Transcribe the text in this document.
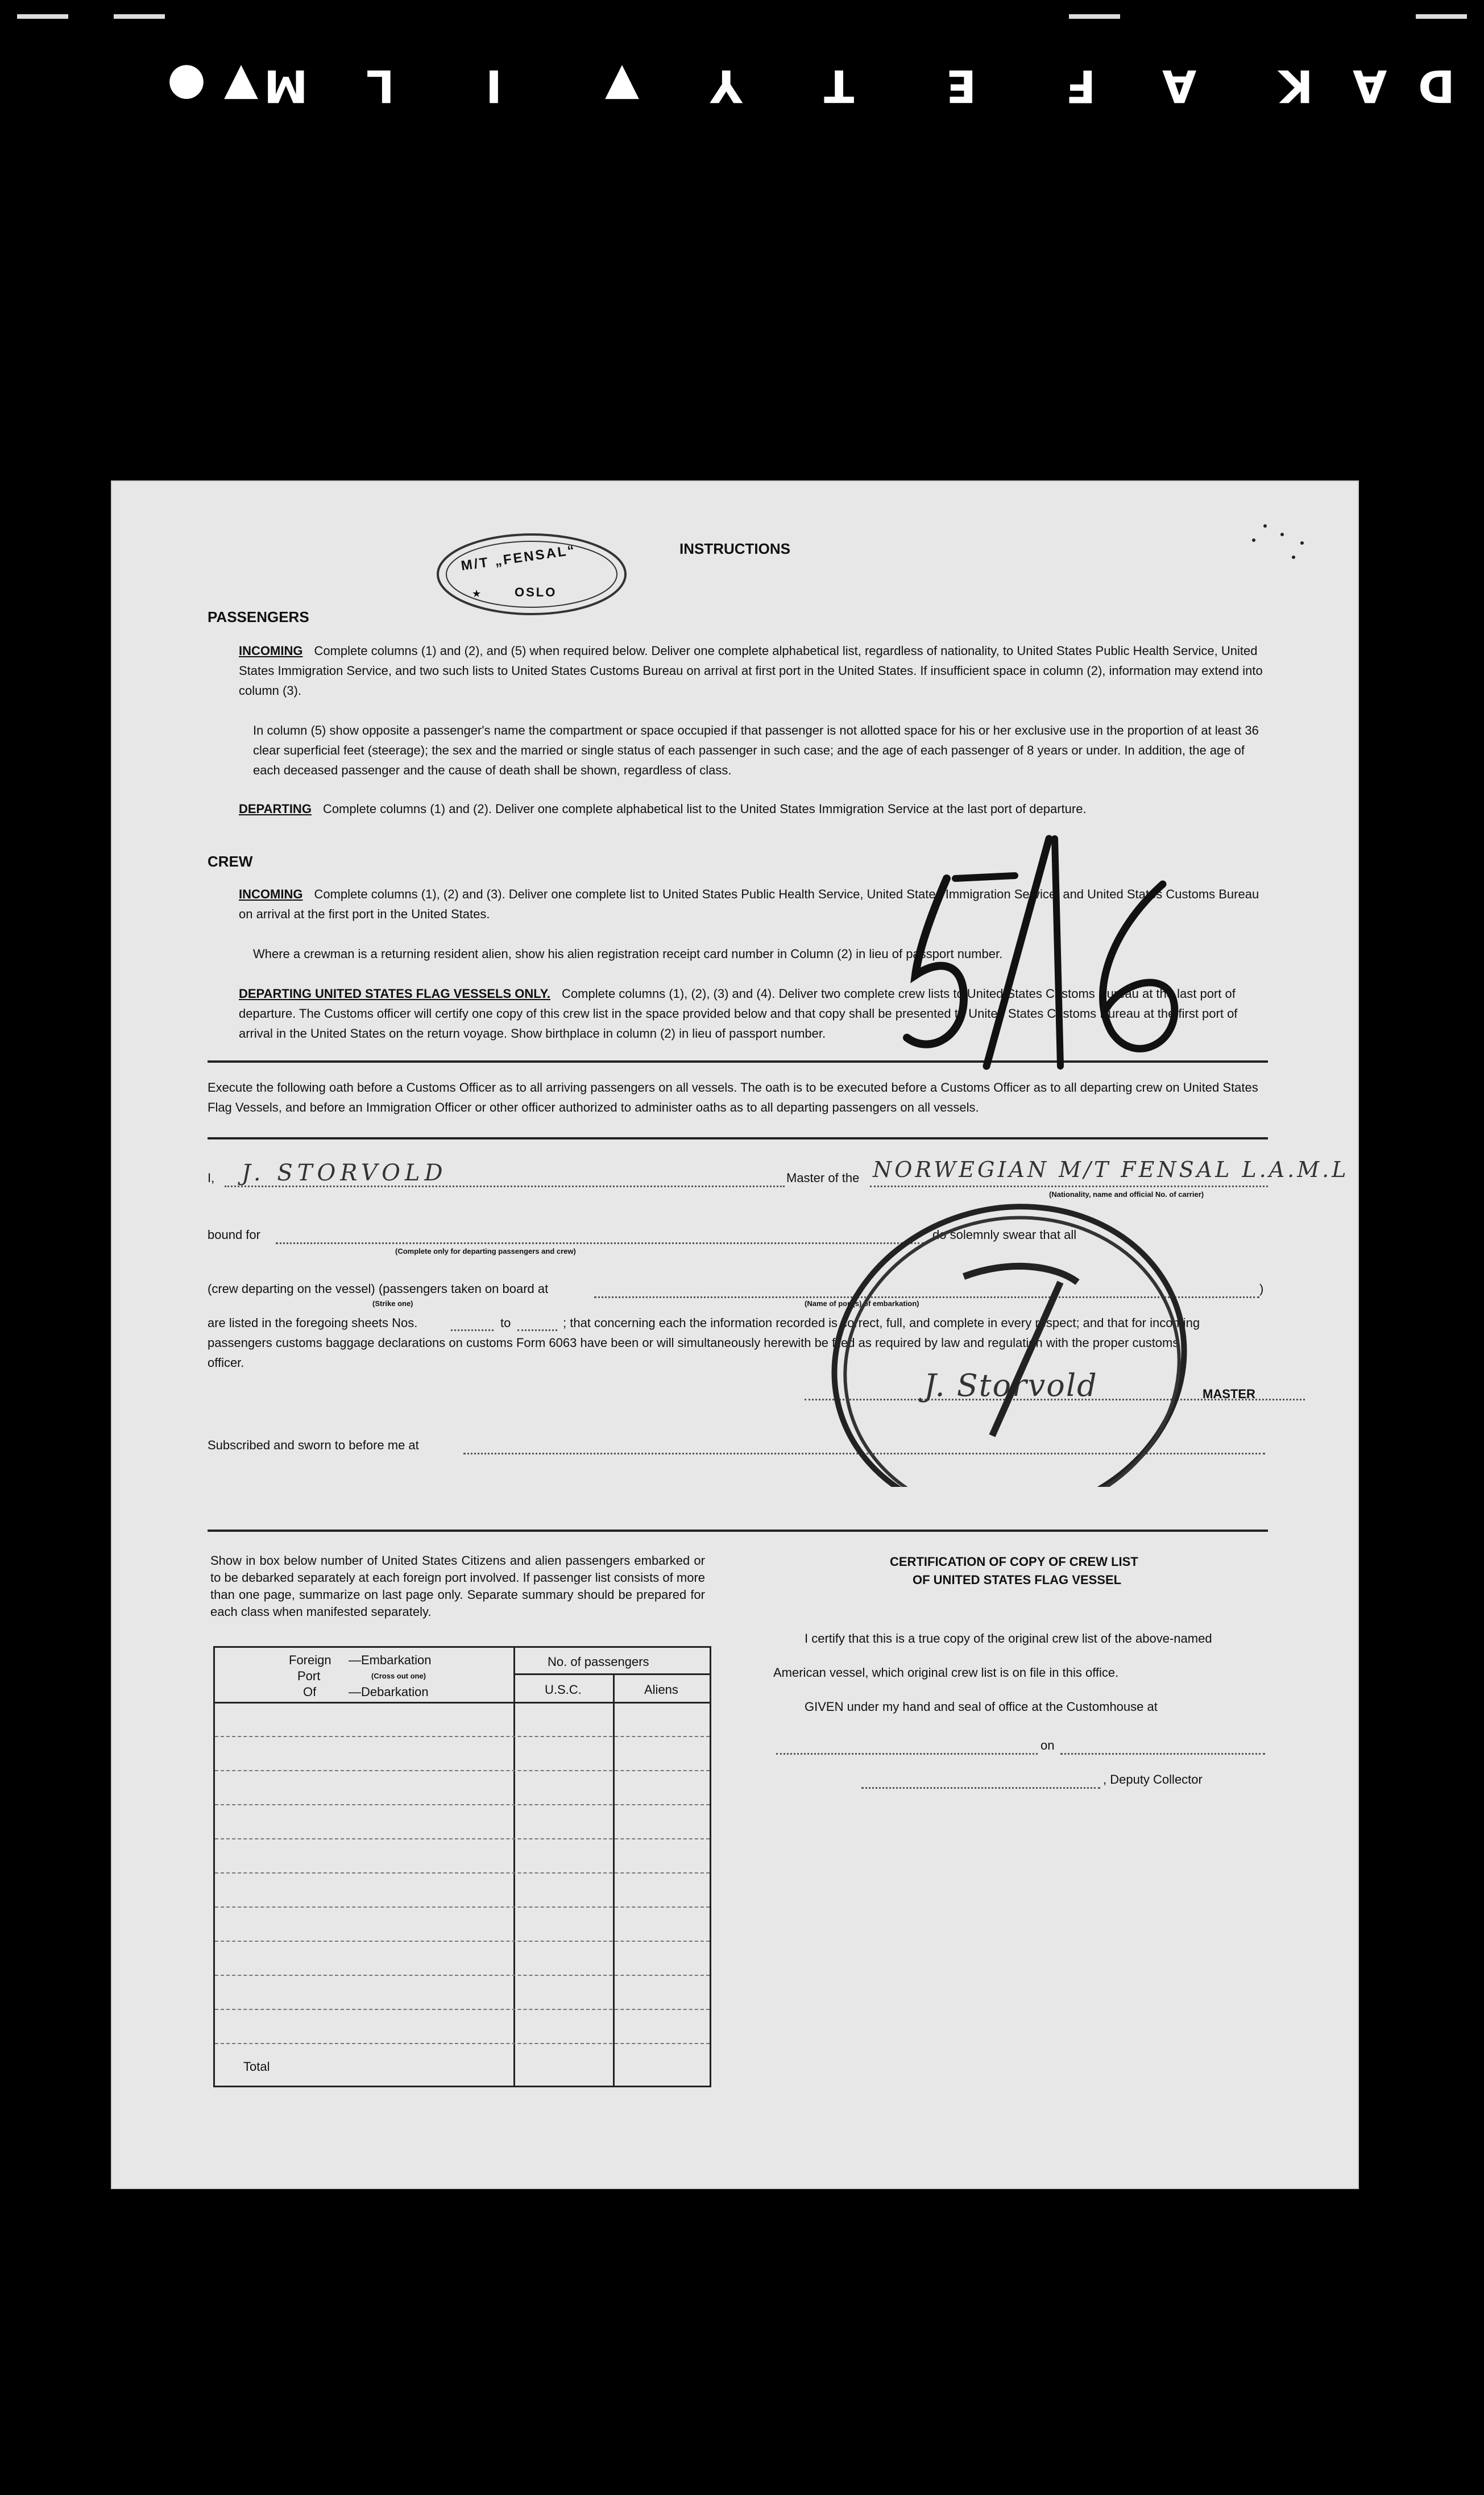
● ▼ M L I ▼ Y T E F A K A D
M/T „FENSAL“
OSLO
★
INSTRUCTIONS
PASSENGERS
INCOMING Complete columns (1) and (2), and (5) when required below. Deliver one complete alphabetical list, regardless of nationality, to United States Public Health Service, United States Immigration Service, and two such lists to United States Customs Bureau on arrival at first port in the United States. If insufficient space in column (2), information may extend into column (3).
In column (5) show opposite a passenger's name the compartment or space occupied if that passenger is not allotted space for his or her exclusive use in the proportion of at least 36 clear superficial feet (steerage); the sex and the married or single status of each passenger in such case; and the age of each passenger of 8 years or under. In addition, the age of each deceased passenger and the cause of death shall be shown, regardless of class.
DEPARTING Complete columns (1) and (2). Deliver one complete alphabetical list to the United States Immigration Service at the last port of departure.
CREW
INCOMING Complete columns (1), (2) and (3). Deliver one complete list to United States Public Health Service, United States Immigration Service, and United States Customs Bureau on arrival at the first port in the United States.
Where a crewman is a returning resident alien, show his alien registration receipt card number in Column (2) in lieu of passport number.
DEPARTING UNITED STATES FLAG VESSELS ONLY. Complete columns (1), (2), (3) and (4). Deliver two complete crew lists to United States Customs Bureau at the last port of departure. The Customs officer will certify one copy of this crew list in the space provided below and that copy shall be presented to United States Customs Bureau at the first port of arrival in the United States on the return voyage. Show birthplace in column (2) in lieu of passport number.
Execute the following oath before a Customs Officer as to all arriving passengers on all vessels. The oath is to be executed before a Customs Officer as to all departing crew on United States Flag Vessels, and before an Immigration Officer or other officer authorized to administer oaths as to all departing passengers on all vessels.
I, J. STORVOLD	Master of the NORWEGIAN M/T FENSAL L.A.M.L
(Nationality, name and official No. of carrier)
bound for
(Complete only for departing passengers and crew)
do solemnly swear that all
(crew departing on the vessel) (passengers taken on board at	)
(Strike one)	(Name of port(s) of embarkation)
are listed in the foregoing sheets Nos.	to	; that concerning each the information recorded is correct, full, and complete in every respect; and that for incoming
passengers customs baggage declarations on customs Form 6063 have been or will simultaneously herewith be filed as required by law and regulation with the proper customs
officer.
J. Storvold	MASTER
Subscribed and sworn to before me at
Show in box below number of United States Citizens and alien passengers embarked or to be debarked separately at each foreign port involved. If passenger list consists of more than one page, summarize on last page only. Separate summary should be prepared for each class when manifested separately.
Foreign
Port
Of
—Embarkation
(Cross out one)
—Debarkation
No. of passengers
U.S.C.	Aliens
Total
CERTIFICATION OF COPY OF CREW LIST
OF UNITED STATES FLAG VESSEL
I certify that this is a true copy of the original crew list of the above-named
American vessel, which original crew list is on file in this office.
GIVEN under my hand and seal of office at the Customhouse at
on
, Deputy Collector
